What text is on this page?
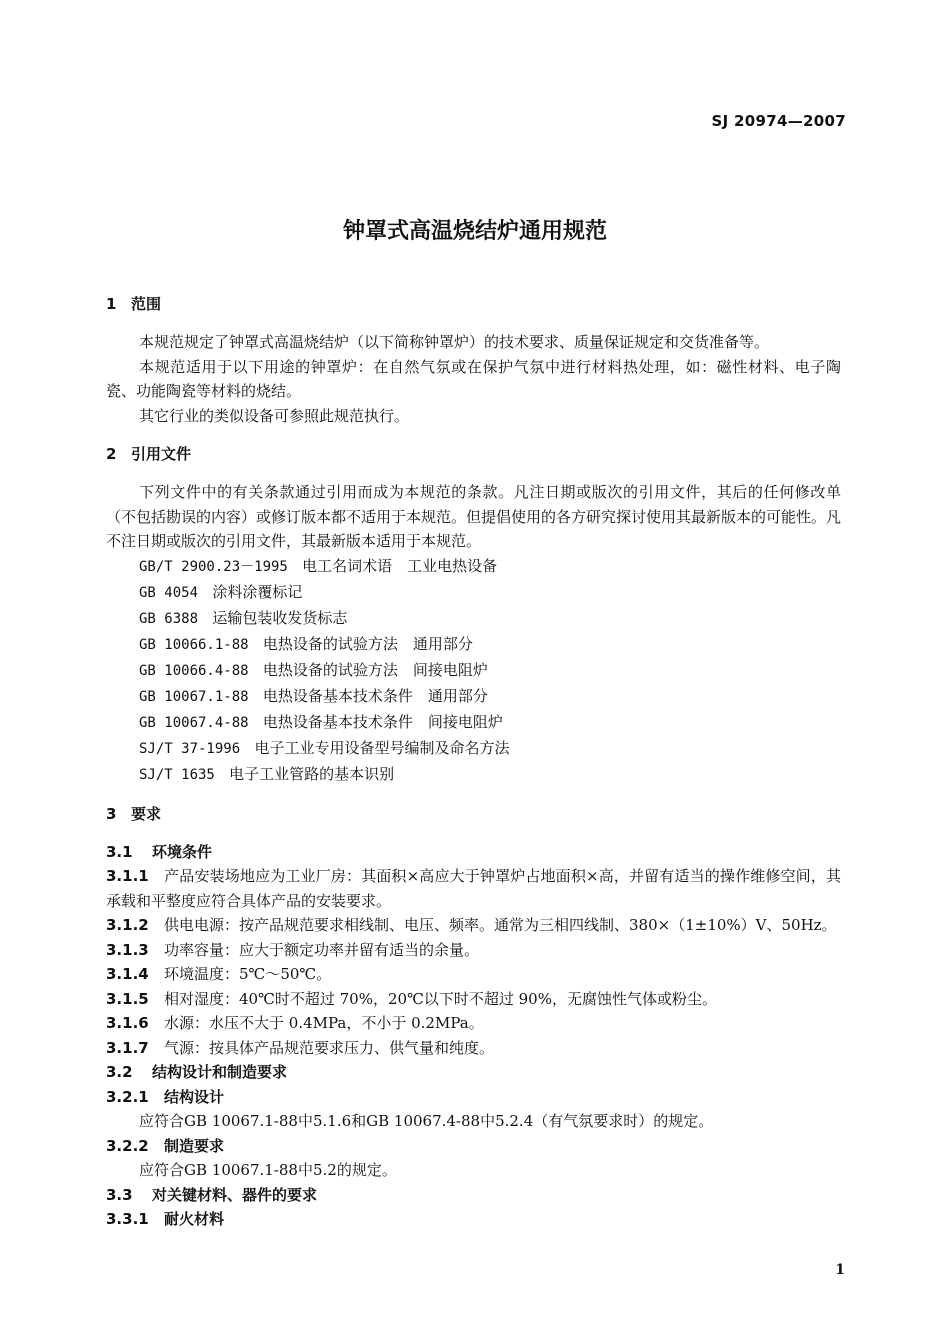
SJ 20974—2007
钟罩式高温烧结炉通用规范
1 范围

本规范规定了钟罩式高温烧结炉（以下简称钟罩炉）的技术要求、质量保证规定和交货准备等。

本规范适用于以下用途的钟罩炉：在自然气氛或在保护气氛中进行材料热处理，如：磁性材料、电子陶瓷、功能陶瓷等材料的烧结。

其它行业的类似设备可参照此规范执行。

2 引用文件

下列文件中的有关条款通过引用而成为本规范的条款。凡注日期或版次的引用文件，其后的任何修改单（不包括勘误的内容）或修订版本都不适用于本规范。但提倡使用的各方研究探讨使用其最新版本的可能性。凡不注日期或版次的引用文件，其最新版本适用于本规范。

GB/T 2900.23－1995 电工名词术语　工业电热设备
GB 4054 涂料涂覆标记
GB 6388 运输包装收发货标志
GB 10066.1-88 电热设备的试验方法　通用部分
GB 10066.4-88 电热设备的试验方法　间接电阻炉
GB 10067.1-88 电热设备基本技术条件　通用部分
GB 10067.4-88 电热设备基本技术条件　间接电阻炉
SJ/T 37-1996 电子工业专用设备型号编制及命名方法
SJ/T 1635 电子工业管路的基本识别
3 要求
3.1 环境条件

3.1.1 产品安装场地应为工业厂房：其面积×高应大于钟罩炉占地面积×高，并留有适当的操作维修空间，其承载和平整度应符合具体产品的安装要求。

3.1.2 供电电源：按产品规范要求相线制、电压、频率。通常为三相四线制、380×（1±10%）V、50Hz。

3.1.3 功率容量：应大于额定功率并留有适当的余量。

3.1.4 环境温度：5℃～50℃。

3.1.5 相对湿度：40℃时不超过 70%，20℃以下时不超过 90%，无腐蚀性气体或粉尘。

3.1.6 水源：水压不大于 0.4MPa，不小于 0.2MPa。

3.1.7 气源：按具体产品规范要求压力、供气量和纯度。

3.2 结构设计和制造要求
3.2.1 结构设计

应符合GB 10067.1-88中5.1.6和GB 10067.4-88中5.2.4（有气氛要求时）的规定。

3.2.2 制造要求

应符合GB 10067.1-88中5.2的规定。

3.3 对关键材料、器件的要求
3.3.1 耐火材料
1
